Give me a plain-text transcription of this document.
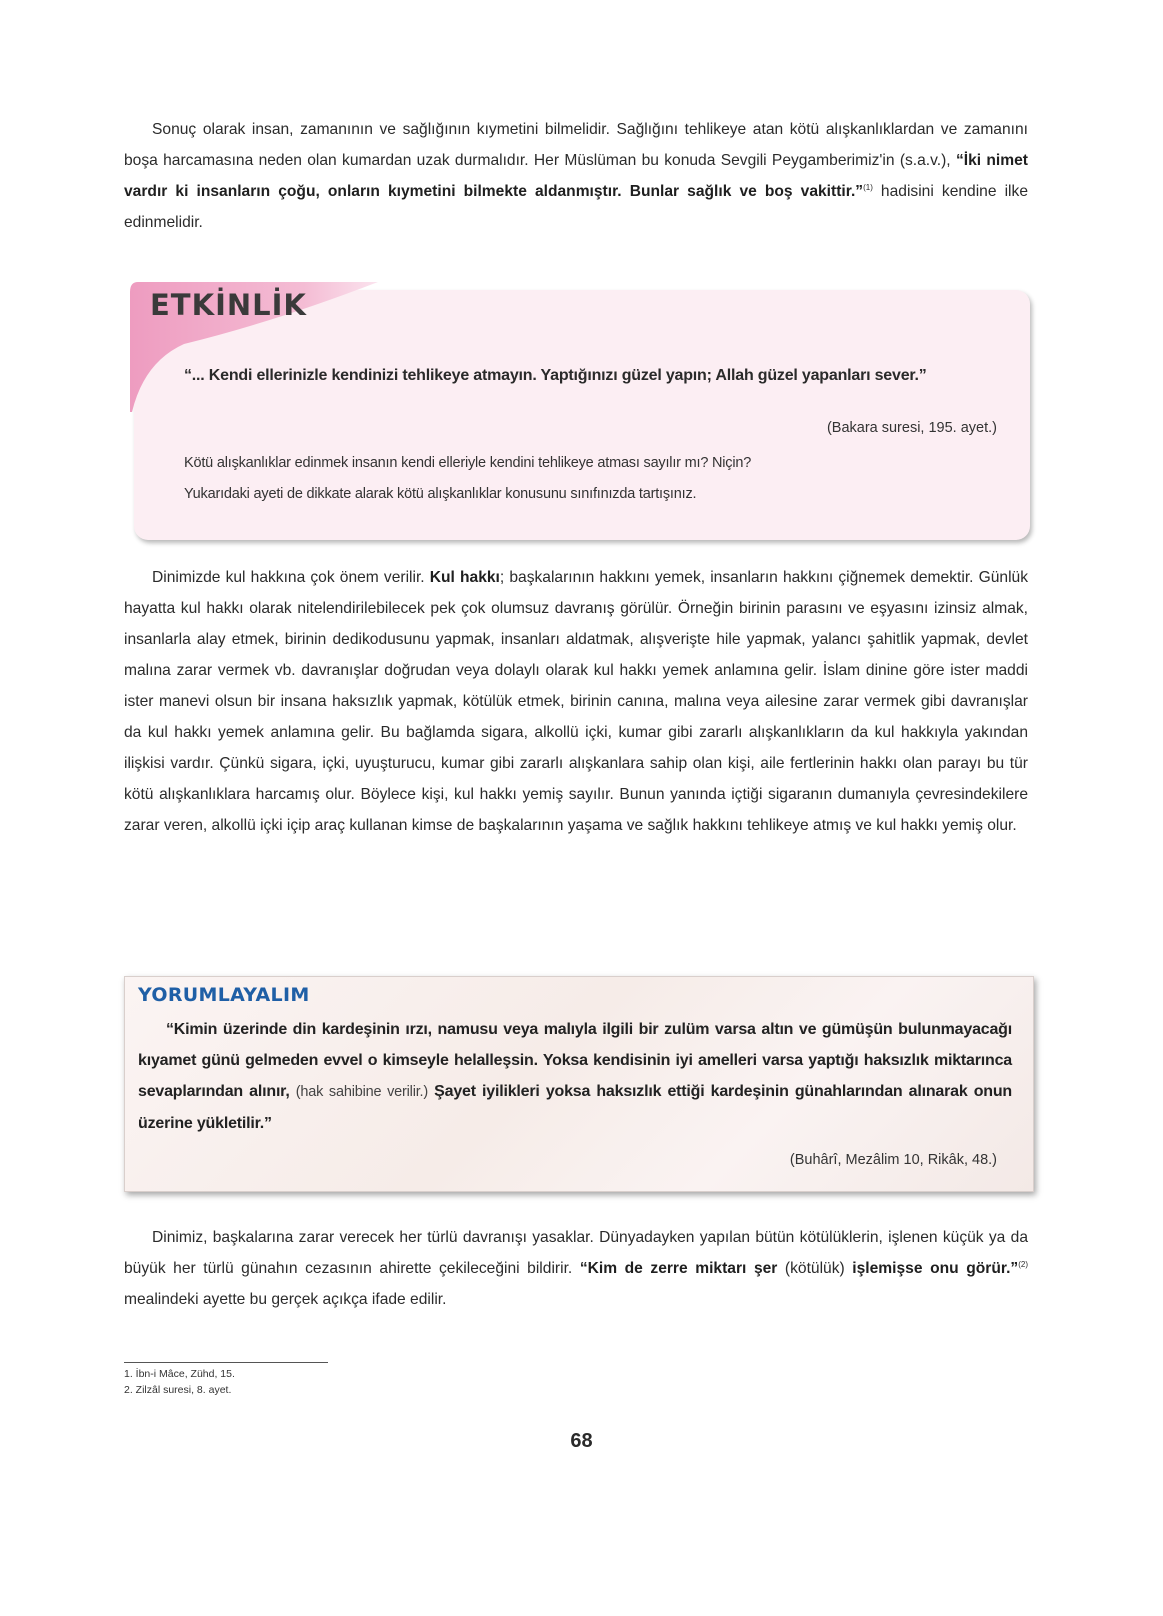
Sonuç olarak insan, zamanının ve sağlığının kıymetini bilmelidir. Sağlığını tehlikeye atan kötü alışkanlıklardan ve zamanını boşa harcamasına neden olan kumardan uzak durmalıdır. Her Müslüman bu konuda Sevgili Peygamberimiz'in (s.a.v.), “İki nimet vardır ki insanların çoğu, onların kıymetini bilmekte aldanmıştır. Bunlar sağlık ve boş vakittir.”$^{(1)}$ hadisini kendine ilke edinmelidir.

ETKİNLİK
“... Kendi ellerinizle kendinizi tehlikeye atmayın. Yaptığınızı güzel yapın; Allah güzel yapanları sever.”
(Bakara suresi, 195. ayet.)
Kötü alışkanlıklar edinmek insanın kendi elleriyle kendini tehlikeye atması sayılır mı? Niçin?
Yukarıdaki ayeti de dikkate alarak kötü alışkanlıklar konusunu sınıfınızda tartışınız.

Dinimizde kul hakkına çok önem verilir. Kul hakkı; başkalarının hakkını yemek, insanların hakkını çiğnemek demektir. Günlük hayatta kul hakkı olarak nitelendirilebilecek pek çok olumsuz davranış görülür. Örneğin birinin parasını ve eşyasını izinsiz almak, insanlarla alay etmek, birinin dedikodusunu yapmak, insanları aldatmak, alışverişte hile yapmak, yalancı şahitlik yapmak, devlet malına zarar vermek vb. davranışlar doğrudan veya dolaylı olarak kul hakkı yemek anlamına gelir. İslam dinine göre ister maddi ister manevi olsun bir insana haksızlık yapmak, kötülük etmek, birinin canına, malına veya ailesine zarar vermek gibi davranışlar da kul hakkı yemek anlamına gelir. Bu bağlamda sigara, alkollü içki, kumar gibi zararlı alışkanlıkların da kul hakkıyla yakından ilişkisi vardır. Çünkü sigara, içki, uyuşturucu, kumar gibi zararlı alışkanlara sahip olan kişi, aile fertlerinin hakkı olan parayı bu tür kötü alışkanlıklara harcamış olur. Böylece kişi, kul hakkı yemiş sayılır. Bunun yanında içtiği sigaranın dumanıyla çevresindekilere zarar veren, alkollü içki içip araç kullanan kimse de başkalarının yaşama ve sağlık hakkını tehlikeye atmış ve kul hakkı yemiş olur.

YORUMLAYALIM

“Kimin üzerinde din kardeşinin ırzı, namusu veya malıyla ilgili bir zulüm varsa altın ve gümüşün bulunmayacağı kıyamet günü gelmeden evvel o kimseyle helalleşsin. Yoksa kendisinin iyi amelleri varsa yaptığı haksızlık miktarınca sevaplarından alınır, (hak sahibine verilir.) Şayet iyilikleri yoksa haksızlık ettiği kardeşinin günahlarından alınarak onun üzerine yükletilir.”

(Buhârî, Mezâlim 10, Rikâk, 48.)

Dinimiz, başkalarına zarar verecek her türlü davranışı yasaklar. Dünyadayken yapılan bütün kötülüklerin, işlenen küçük ya da büyük her türlü günahın cezasının ahirette çekileceğini bildirir. “Kim de zerre miktarı şer (kötülük) işlemişse onu görür.”$^{(2)}$ mealindeki ayette bu gerçek açıkça ifade edilir.

1. İbn-i Mâce, Zühd, 15.
2. Zilzâl suresi, 8. ayet.
68
